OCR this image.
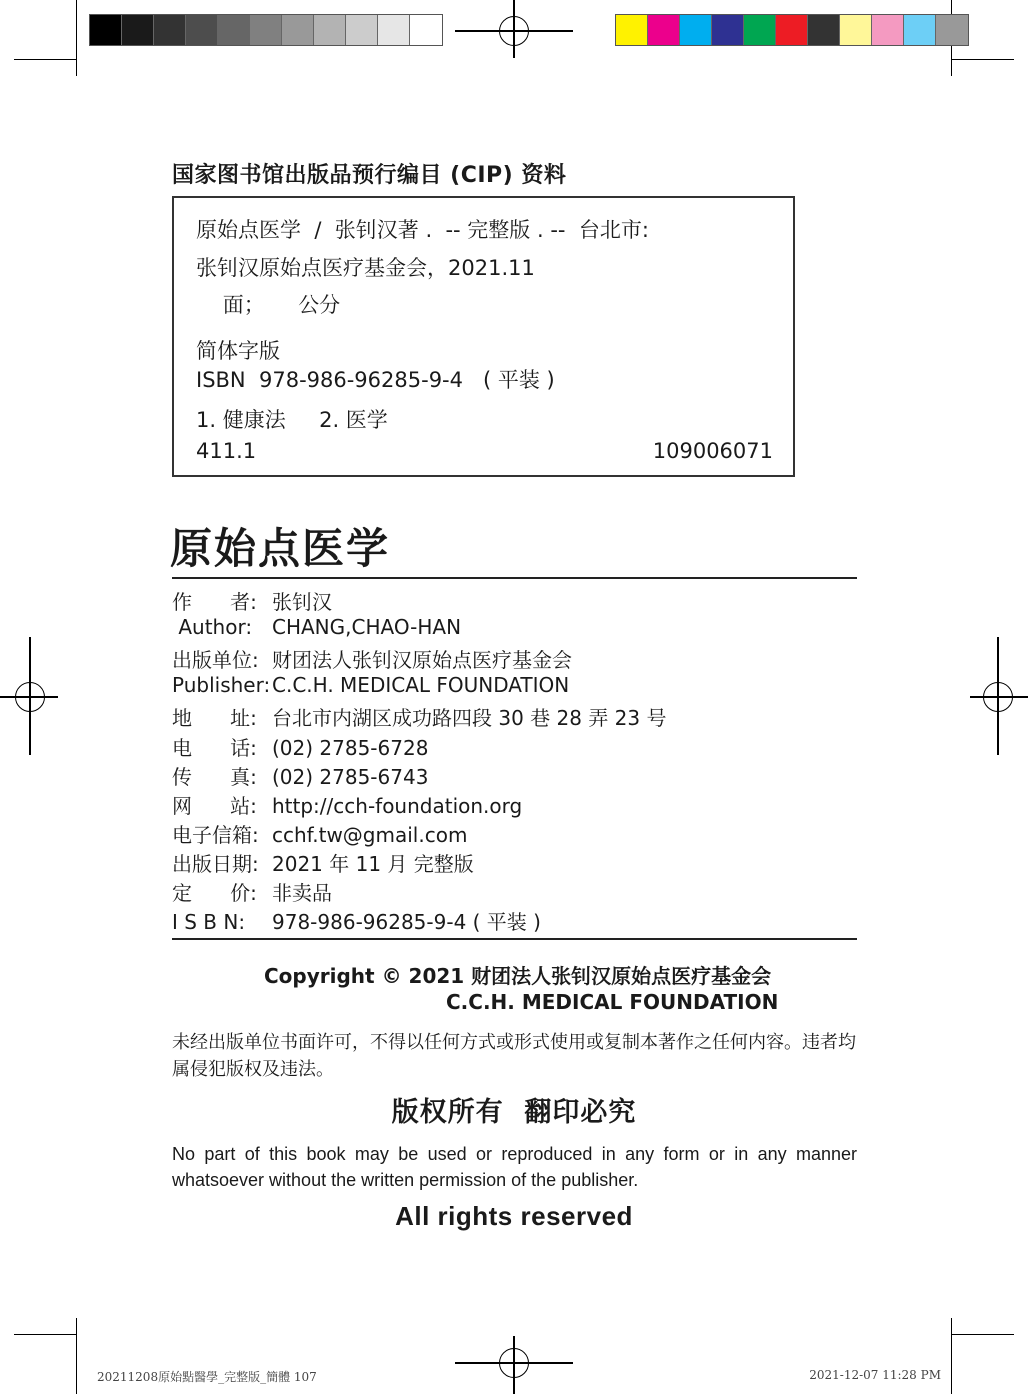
国家图书馆出版品预行编目 (CIP) 资料
原始点医学  /  张钊汉著 .  -- 完整版 . --  台北市:
张钊汉原始点医疗基金会，2021.11
面；     公分
简体字版
ISBN  978-986-96285-9-4   ( 平装 )
1. 健康法     2. 医学
411.1	109006071
原始点医学
作      者: 张钊汉
Author: CHANG,CHAO-HAN
出版单位: 财团法人张钊汉原始点医疗基金会
Publisher:C.C.H. MEDICAL FOUNDATION
地      址: 台北市内湖区成功路四段 30 巷 28 弄 23 号
电      话: (02) 2785-6728
传      真: (02) 2785-6743
网      站: http://cch-foundation.org
电子信箱: cchf.tw@gmail.com
出版日期: 2021 年 11 月 完整版
定      价: 非卖品
I S B N: 978-986-96285-9-4 ( 平装 )
Copyright © 2021 财团法人张钊汉原始点医疗基金会
C.C.H. MEDICAL FOUNDATION
未经出版单位书面许可，不得以任何方式或形式使用或复制本著作之任何内容。违者均属侵犯版权及违法。
版权所有  翻印必究
No part of this book may be used or reproduced in any form or in any manner whatsoever without the written permission of the publisher.
All rights reserved
20211208原始點醫學_完整版_簡體 107	2021-12-07 11:28 PM
